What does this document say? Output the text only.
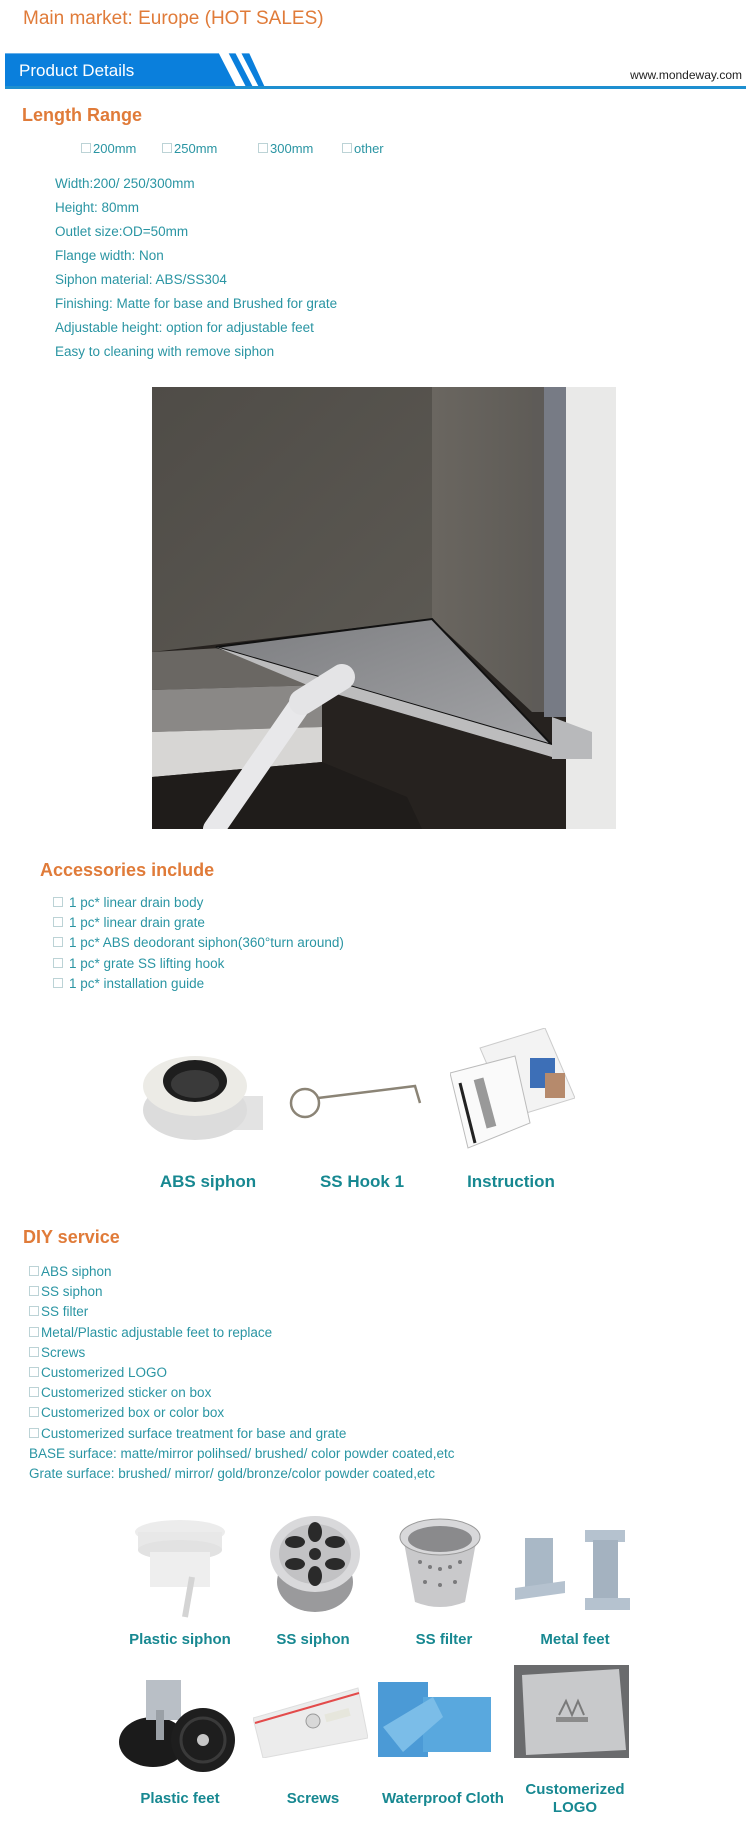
Main market: Europe (HOT SALES)
Product Details	www.mondeway.com
Length Range
200mm	250mm	300mm	other
Width:200/ 250/300mm
Height: 80mm
Outlet size:OD=50mm
Flange width: Non
Siphon material: ABS/SS304
Finishing: Matte for base and Brushed for grate
Adjustable height: option for adjustable feet
Easy to cleaning with remove siphon
Accessories include
1 pc* linear drain body
1 pc* linear drain grate
1 pc* ABS deodorant siphon(360°turn around)
1 pc* grate SS lifting hook
1 pc* installation guide
ABS siphon	SS Hook 1	Instruction
DIY service
ABS siphon
SS siphon
SS filter
Metal/Plastic adjustable feet to replace
Screws
Customerized LOGO
Customerized sticker on box
Customerized box or color box
Customerized surface treatment for base and grate
BASE surface: matte/mirror polihsed/ brushed/ color powder coated,etc
Grate surface: brushed/ mirror/ gold/bronze/color powder coated,etc
Plastic siphon	SS siphon	SS filter	Metal feet
Plastic feet	Screws	Waterproof Cloth
Customerized LOGO
